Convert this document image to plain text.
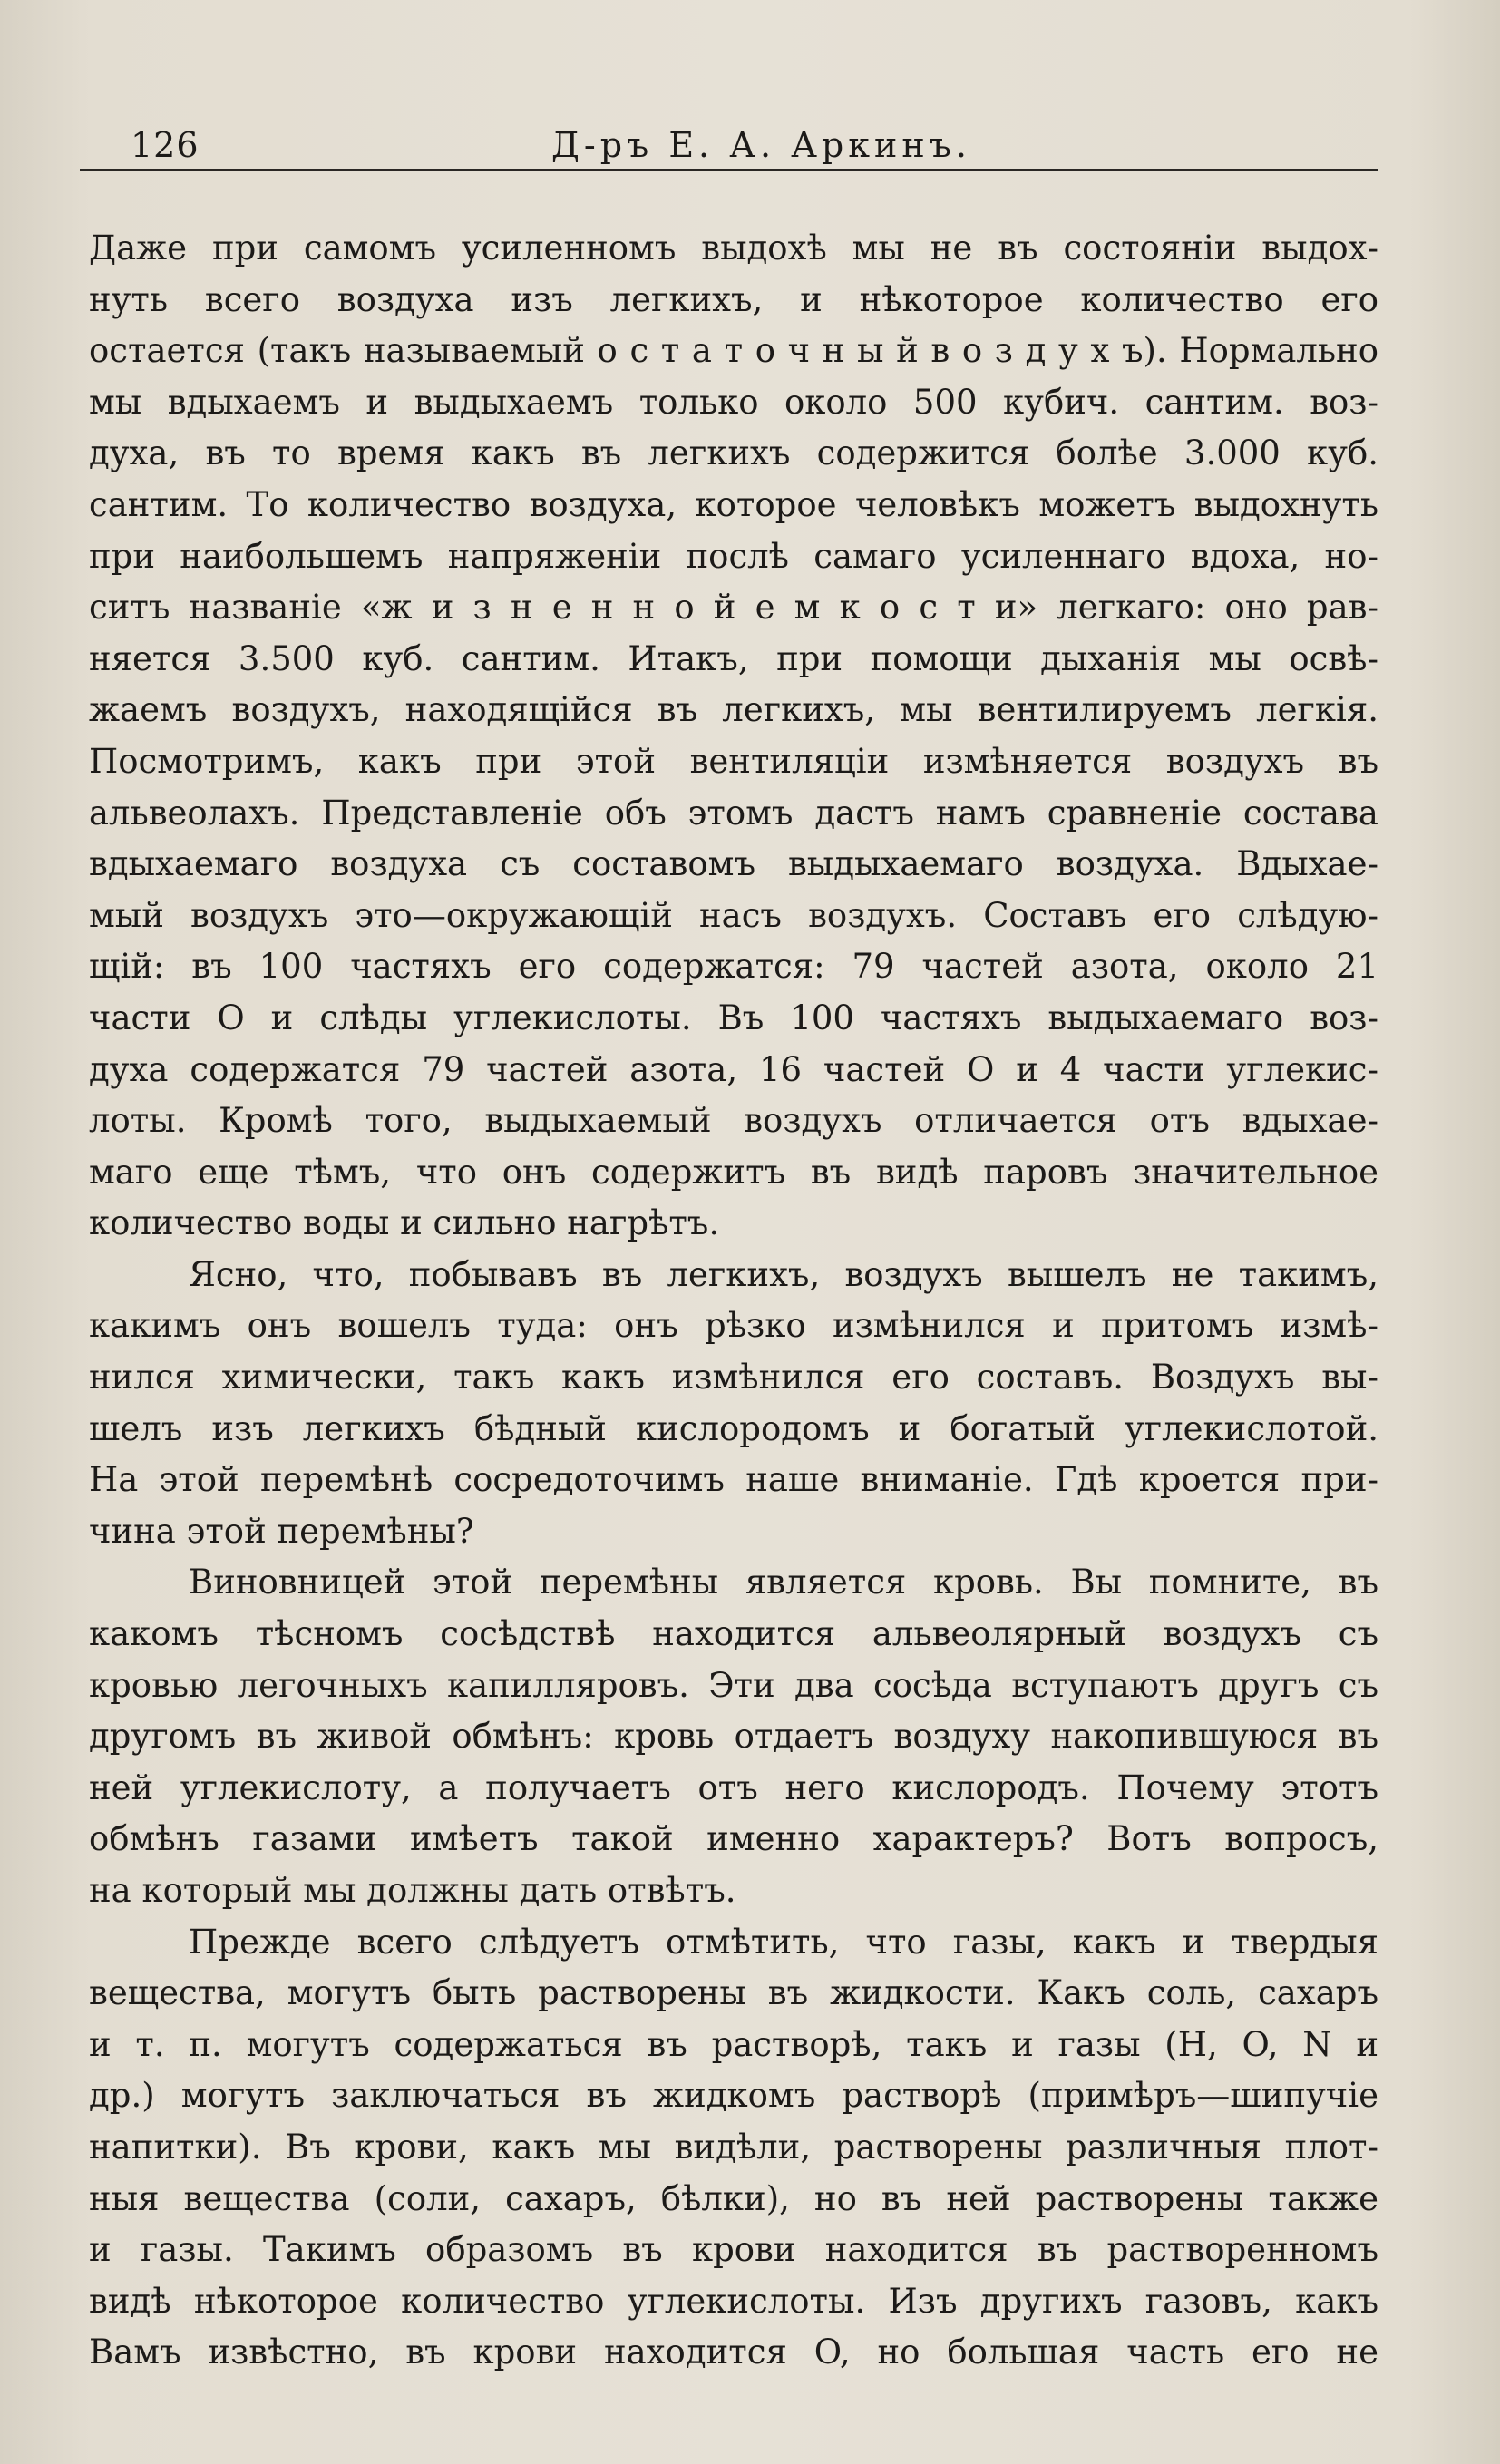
126	Д-ръ Е. А. Аркинъ.
Даже при самомъ усиленномъ выдохѣ мы не въ состояніи выдох-
нуть всего воздуха изъ легкихъ, и нѣкоторое количество его
остается (такъ называемый о с т а т о ч н ы й в о з д у х ъ). Нормально
мы вдыхаемъ и выдыхаемъ только около 500 кубич. сантим. воз-
духа, въ то время какъ въ легкихъ содержится болѣе 3.000 куб.
сантим. То количество воздуха, которое человѣкъ можетъ выдохнуть
при наибольшемъ напряженіи послѣ самаго усиленнаго вдоха, но-
ситъ названіе «ж и з н е н н о й е м к о с т и» легкаго: оно рав-
няется 3.500 куб. сантим. Итакъ, при помощи дыханія мы освѣ-
жаемъ воздухъ, находящійся въ легкихъ, мы вентилируемъ легкія.
Посмотримъ, какъ при этой вентиляціи измѣняется воздухъ въ
альвеолахъ. Представленіе объ этомъ дастъ намъ сравненіе состава
вдыхаемаго воздуха съ составомъ выдыхаемаго воздуха. Вдыхае-
мый воздухъ это—окружающій насъ воздухъ. Составъ его слѣдую-
щій: въ 100 частяхъ его содержатся: 79 частей азота, около 21
части O и слѣды углекислоты. Въ 100 частяхъ выдыхаемаго воз-
духа содержатся 79 частей азота, 16 частей O и 4 части углекис-
лоты. Кромѣ того, выдыхаемый воздухъ отличается отъ вдыхае-
маго еще тѣмъ, что онъ содержитъ въ видѣ паровъ значительное
количество воды и сильно нагрѣтъ.
Ясно, что, побывавъ въ легкихъ, воздухъ вышелъ не такимъ,
какимъ онъ вошелъ туда: онъ рѣзко измѣнился и притомъ измѣ-
нился химически, такъ какъ измѣнился его составъ. Воздухъ вы-
шелъ изъ легкихъ бѣдный кислородомъ и богатый углекислотой.
На этой перемѣнѣ сосредоточимъ наше вниманіе. Гдѣ кроется при-
чина этой перемѣны?
Виновницей этой перемѣны является кровь. Вы помните, въ
какомъ тѣсномъ сосѣдствѣ находится альвеолярный воздухъ съ
кровью легочныхъ капилляровъ. Эти два сосѣда вступаютъ другъ съ
другомъ въ живой обмѣнъ: кровь отдаетъ воздуху накопившуюся въ
ней углекислоту, а получаетъ отъ него кислородъ. Почему этотъ
обмѣнъ газами имѣетъ такой именно характеръ? Вотъ вопросъ,
на который мы должны дать отвѣтъ.
Прежде всего слѣдуетъ отмѣтить, что газы, какъ и твердыя
вещества, могутъ быть растворены въ жидкости. Какъ соль, сахаръ
и т. п. могутъ содержаться въ растворѣ, такъ и газы (H, O, N и
др.) могутъ заключаться въ жидкомъ растворѣ (примѣръ—шипучіе
напитки). Въ крови, какъ мы видѣли, растворены различныя плот-
ныя вещества (соли, сахаръ, бѣлки), но въ ней растворены также
и газы. Такимъ образомъ въ крови находится въ растворенномъ
видѣ нѣкоторое количество углекислоты. Изъ другихъ газовъ, какъ
Вамъ извѣстно, въ крови находится O, но большая часть его не
